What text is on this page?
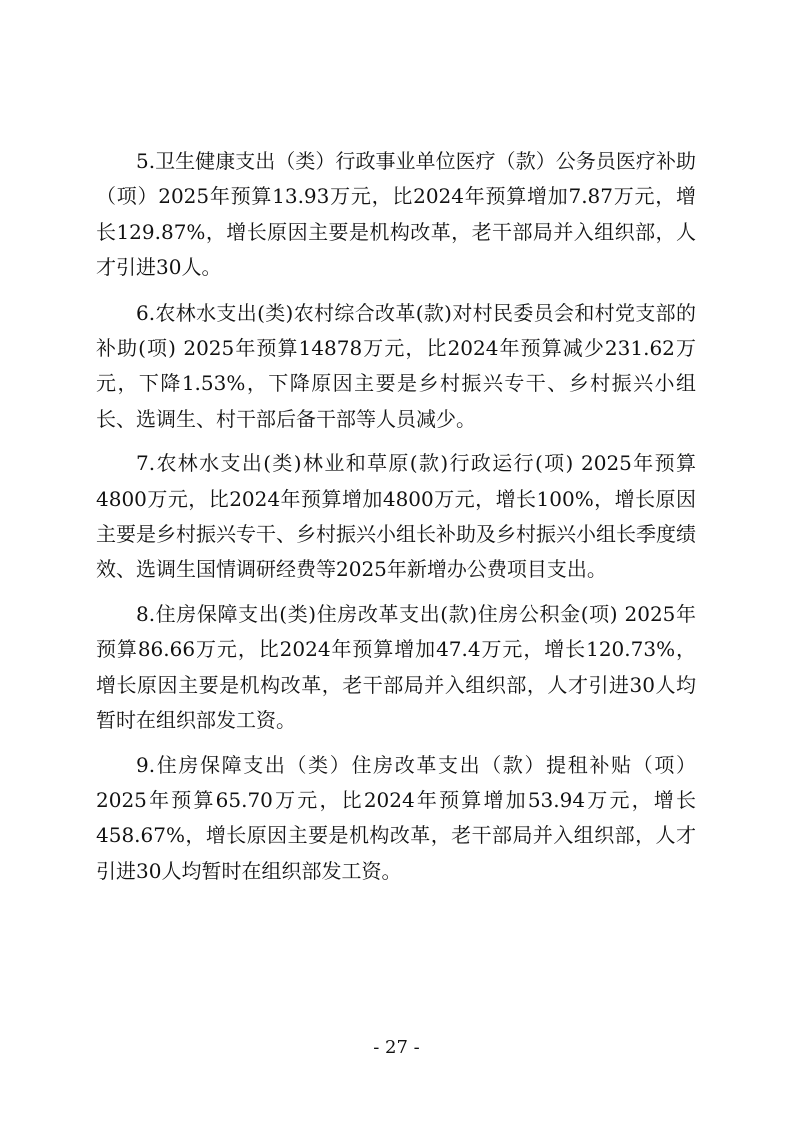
5.卫生健康支出（类）行政事业单位医疗（款）公务员医疗补助（项）2025年预算13.93万元，比2024年预算增加7.87万元，增长129.87%，增长原因主要是机构改革，老干部局并入组织部，人才引进30人。

6.农林水支出(类)农村综合改革(款)对村民委员会和村党支部的补助(项) 2025年预算14878万元，比2024年预算减少231.62万元，下降1.53%，下降原因主要是乡村振兴专干、乡村振兴小组长、选调生、村干部后备干部等人员减少。

7.农林水支出(类)林业和草原(款)行政运行(项) 2025年预算4800万元，比2024年预算增加4800万元，增长100%，增长原因主要是乡村振兴专干、乡村振兴小组长补助及乡村振兴小组长季度绩效、选调生国情调研经费等2025年新增办公费项目支出。

8.住房保障支出(类)住房改革支出(款)住房公积金(项) 2025年预算86.66万元，比2024年预算增加47.4万元，增长120.73%，增长原因主要是机构改革，老干部局并入组织部，人才引进30人均暂时在组织部发工资。

9.住房保障支出（类）住房改革支出（款）提租补贴（项）2025年预算65.70万元，比2024年预算增加53.94万元，增长458.67%，增长原因主要是机构改革，老干部局并入组织部，人才引进30人均暂时在组织部发工资。

- 27 -
